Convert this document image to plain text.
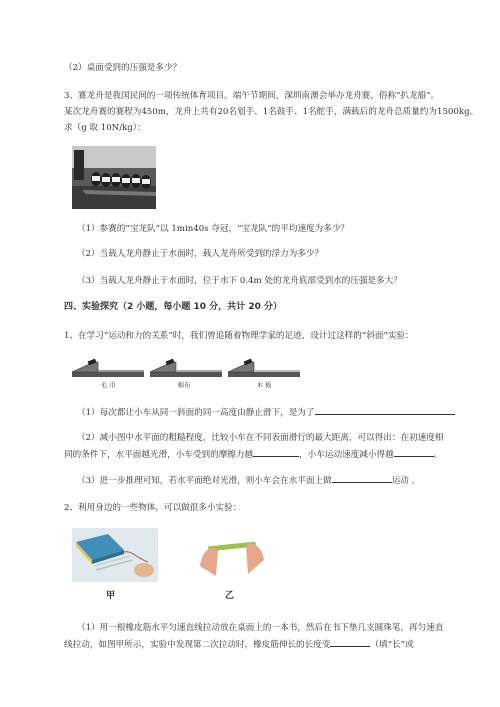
（2）桌面受到的压强是多少？
3、赛龙舟是我国民间的一项传统体育项目。端午节期间，深圳南澳会举办龙舟赛，俗称“扒龙船”。
某次龙舟赛的赛程为450m，龙舟上共有20名划手、1名鼓手、1名舵手，满载后的龙舟总质量约为1500kg。
求（g 取 10N/kg）：
（1）参赛的“宝龙队”以 1min40s 夺冠，“宝龙队”的平均速度为多少？
（2）当载人龙舟静止于水面时，载人龙舟所受到的浮力为多少？
（3）当载人龙舟静止于水面时，位于水下 0.4m 处的龙舟底部受到水的压强是多大？
四、实验探究（2 小题，每小题 10 分，共计 20 分）
1、在学习“运动和力的关系”时，我们曾追随着物理学家的足迹，设计过这样的“斜面”实验：
毛 巾	棉布	木 板
（1）每次都让小车从同一斜面的同一高度由静止滑下，是为了
（2）减小图中水平面的粗糙程度，比较小车在不同表面滑行的最大距离，可以得出：在初速度相
同的条件下，水平面越光滑，小车受到的摩擦力越	，小车运动速度减小得越	。
（3）进一步推理可知，若水平面绝对光滑，则小车会在水平面上做	运动 。
2、利用身边的一些物体，可以做很多小实验：
甲	乙
（1）用一根橡皮筋水平匀速直线拉动放在桌面上的一本书，然后在书下垫几支圆珠笔，再匀速直
线拉动，如图甲所示，实验中发现第二次拉动时，橡皮筋伸长的长度变	（填“长”或
